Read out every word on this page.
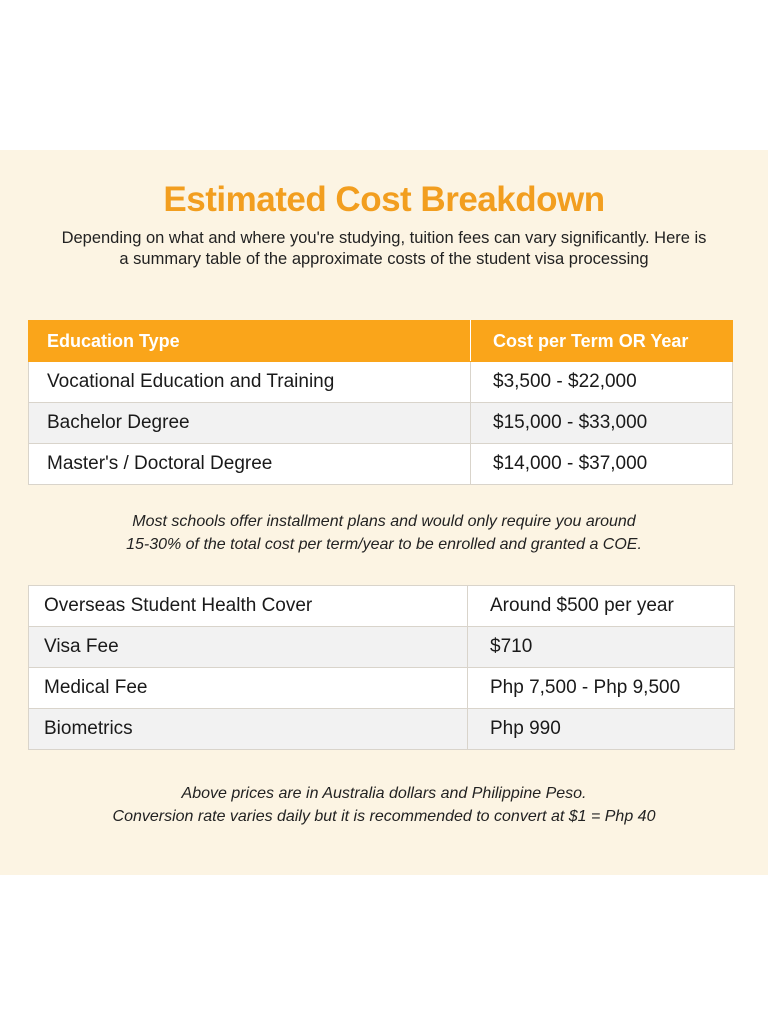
Estimated Cost Breakdown
Depending on what and where you're studying, tuition fees can vary significantly. Here is a summary table of the approximate costs of the student visa processing
Education Type	Cost per Term OR Year
Vocational Education and Training	$3,500 - $22,000
Bachelor Degree	$15,000 - $33,000
Master's / Doctoral Degree	$14,000 - $37,000
Most schools offer installment plans and would only require you around
15-30% of the total cost per term/year to be enrolled and granted a COE.
Overseas Student Health Cover	Around $500 per year
Visa Fee	$710
Medical Fee	Php 7,500 - Php 9,500
Biometrics	Php 990
Above prices are in Australia dollars and Philippine Peso.
Conversion rate varies daily but it is recommended to convert at $1 = Php 40
